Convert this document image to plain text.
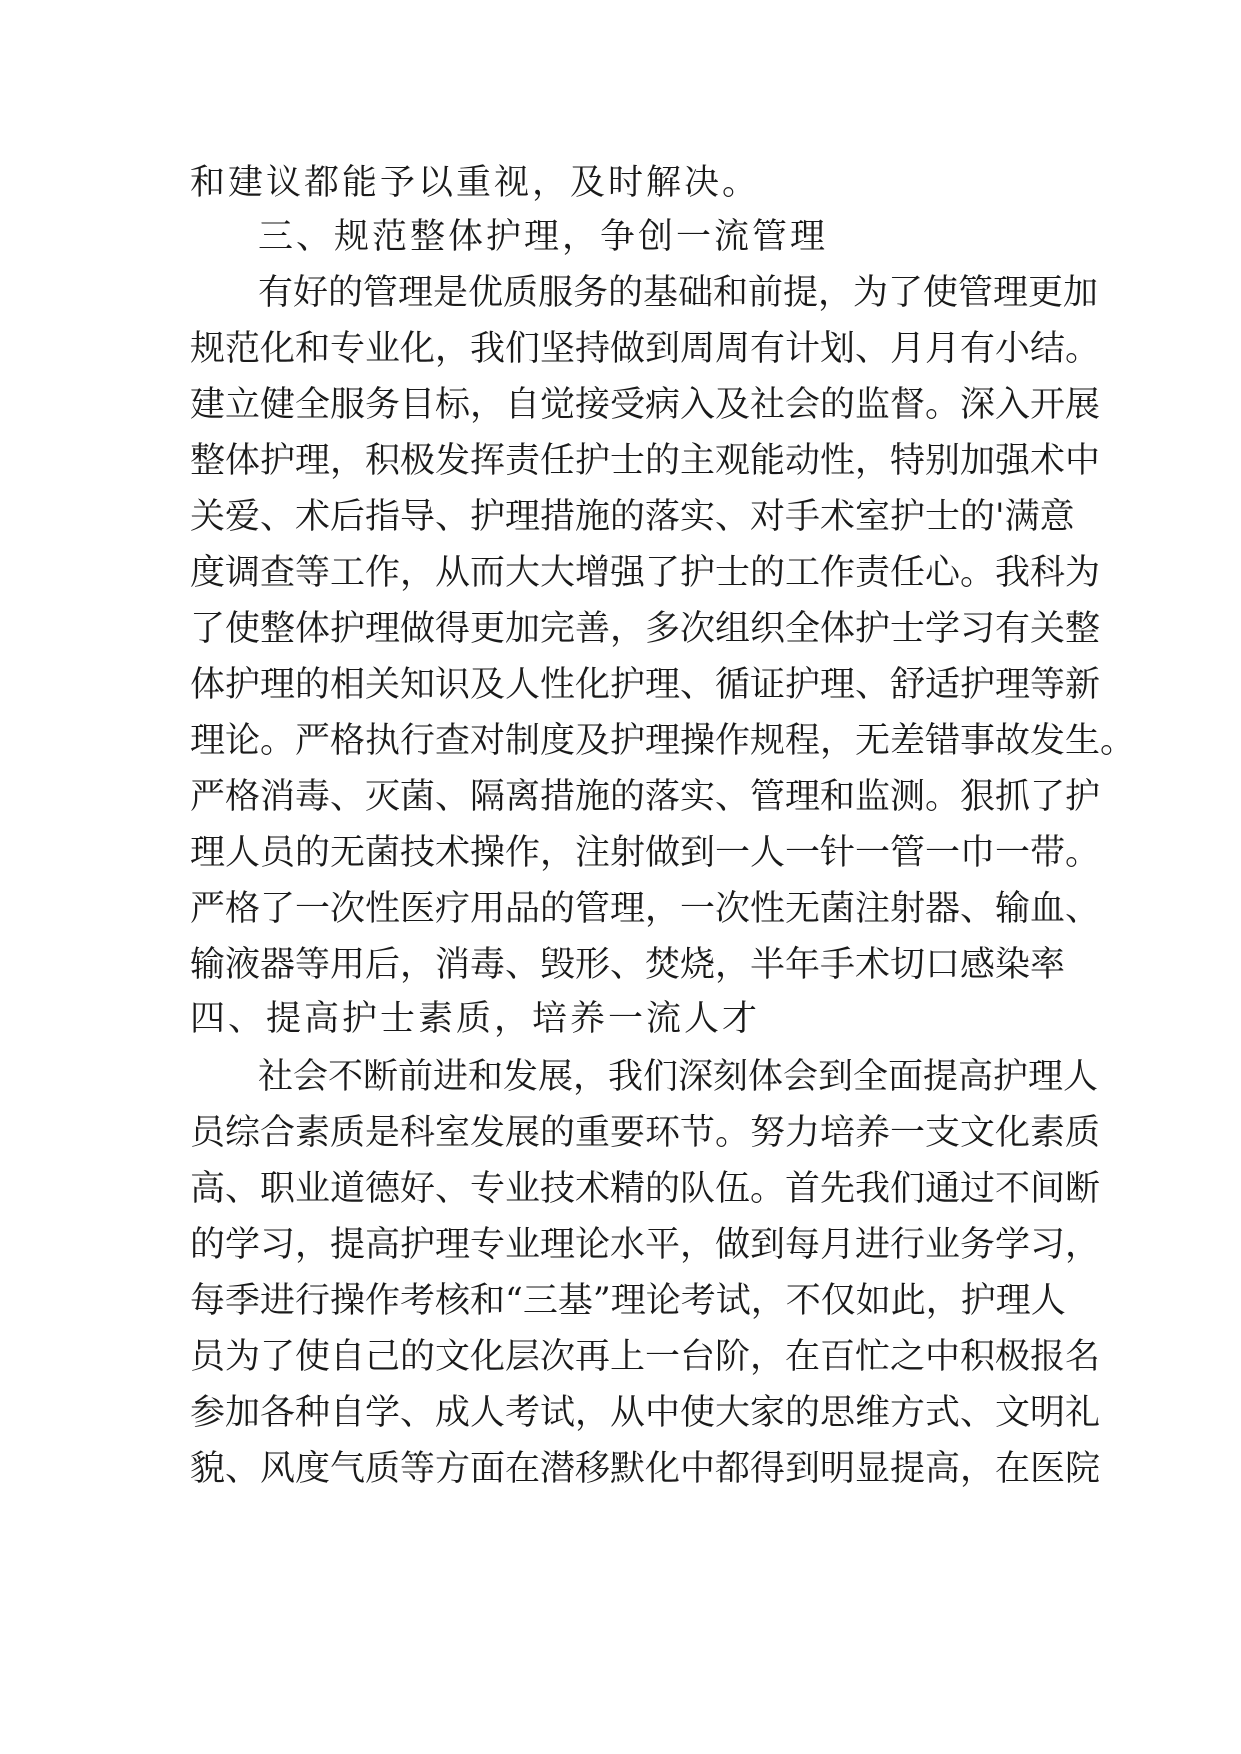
和建议都能予以重视，及时解决。
三、规范整体护理，争创一流管理
有好的管理是优质服务的基础和前提，为了使管理更加
规范化和专业化，我们坚持做到周周有计划、月月有小结。
建立健全服务目标，自觉接受病入及社会的监督。深入开展
整体护理，积极发挥责任护士的主观能动性，特别加强术中
关爱、术后指导、护理措施的落实、对手术室护士的'满意
度调查等工作，从而大大增强了护士的工作责任心。我科为
了使整体护理做得更加完善，多次组织全体护士学习有关整
体护理的相关知识及人性化护理、循证护理、舒适护理等新
理论。严格执行查对制度及护理操作规程，无差错事故发生。
严格消毒、灭菌、隔离措施的落实、管理和监测。狠抓了护
理人员的无菌技术操作，注射做到一人一针一管一巾一带。
严格了一次性医疗用品的管理，一次性无菌注射器、输血、
输液器等用后，消毒、毁形、焚烧，半年手术切口感染率
四、提高护士素质，培养一流人才
社会不断前进和发展，我们深刻体会到全面提高护理人
员综合素质是科室发展的重要环节。努力培养一支文化素质
高、职业道德好、专业技术精的队伍。首先我们通过不间断
的学习，提高护理专业理论水平，做到每月进行业务学习，
每季进行操作考核和“三基”理论考试，不仅如此，护理人
员为了使自己的文化层次再上一台阶，在百忙之中积极报名
参加各种自学、成人考试，从中使大家的思维方式、文明礼
貌、风度气质等方面在潜移默化中都得到明显提高，在医院
